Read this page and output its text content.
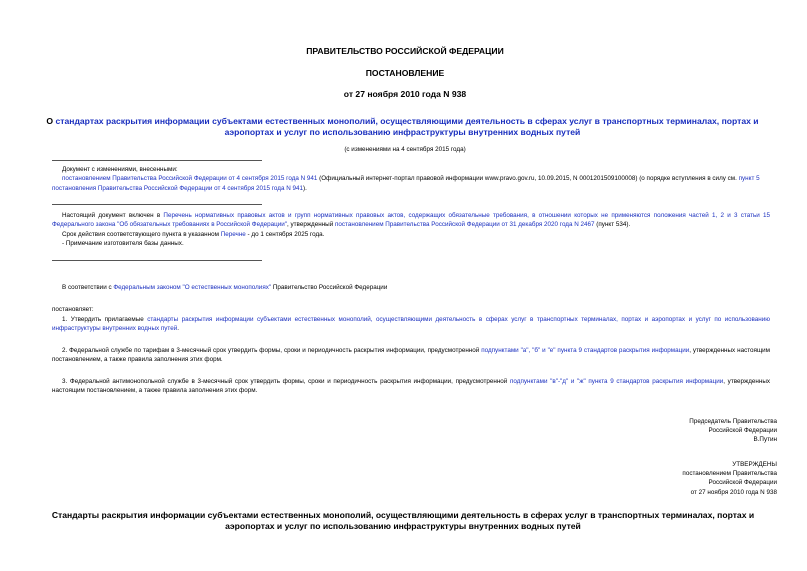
ПРАВИТЕЛЬСТВО РОССИЙСКОЙ ФЕДЕРАЦИИ
ПОСТАНОВЛЕНИЕ
от 27 ноября 2010 года N 938
О стандартах раскрытия информации субъектами естественных монополий, осуществляющими деятельность в сферах услуг в транспортных терминалах, портах и аэропортах и услуг по использованию инфраструктуры внутренних водных путей
(с изменениями на 4 сентября 2015 года)
Документ с изменениями, внесенными:
постановлением Правительства Российской Федерации от 4 сентября 2015 года N 941 (Официальный интернет-портал правовой информации www.pravo.gov.ru, 10.09.2015, N 0001201509100008) (о порядке вступления в силу см. пункт 5 постановления Правительства Российской Федерации от 4 сентября 2015 года N 941).
Настоящий документ включен в Перечень нормативных правовых актов и групп нормативных правовых актов, содержащих обязательные требования, в отношении которых не применяются положения частей 1, 2 и 3 статьи 15 Федерального закона "Об обязательных требованиях в Российской Федерации", утвержденный постановлением Правительства Российской Федерации от 31 декабря 2020 года N 2467 (пункт 534).
Срок действия соответствующего пункта в указанном Перечне - до 1 сентября 2025 года.
- Примечание изготовителя базы данных.
В соответствии с Федеральным законом "О естественных монополиях" Правительство Российской Федерации
постановляет:
1. Утвердить прилагаемые стандарты раскрытия информации субъектами естественных монополий, осуществляющими деятельность в сферах услуг в транспортных терминалах, портах и аэропортах и услуг по использованию инфраструктуры внутренних водных путей.
2. Федеральной службе по тарифам в 3-месячный срок утвердить формы, сроки и периодичность раскрытия информации, предусмотренной подпунктами "а", "б" и "е" пункта 9 стандартов раскрытия информации, утвержденных настоящим постановлением, а также правила заполнения этих форм.
3. Федеральной антимонопольной службе в 3-месячный срок утвердить формы, сроки и периодичность раскрытия информации, предусмотренной подпунктами "в"-"д" и "ж" пункта 9 стандартов раскрытия информации, утвержденных настоящим постановлением, а также правила заполнения этих форм.
Председатель Правительства
Российской Федерации
В.Путин
УТВЕРЖДЕНЫ
постановлением Правительства
Российской Федерации
от 27 ноября 2010 года N 938
Стандарты раскрытия информации субъектами естественных монополий, осуществляющими деятельность в сферах услуг в транспортных терминалах, портах и аэропортах и услуг по использованию инфраструктуры внутренних водных путей
